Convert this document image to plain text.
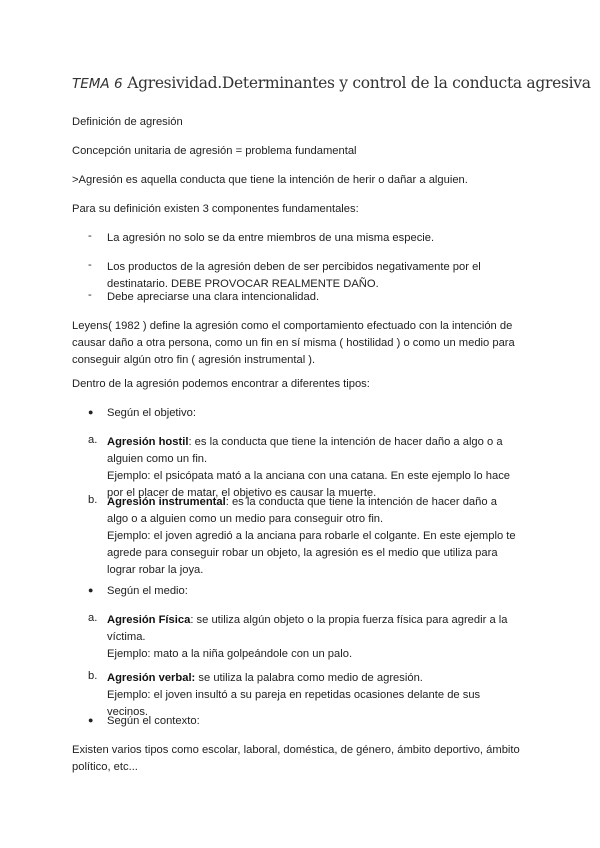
TEMA 6 Agresividad.Determinantes y control de la conducta agresiva
Definición de agresión
Concepción unitaria de agresión = problema fundamental
>Agresión es aquella conducta que tiene la intención de herir o dañar a alguien.
Para su definición existen 3 componentes fundamentales:
- La agresión no solo se da entre miembros de una misma especie.
- Los productos de la agresión deben de ser percibidos negativamente por el destinatario. DEBE PROVOCAR REALMENTE DAÑO.
- Debe apreciarse una clara intencionalidad.
Leyens( 1982 ) define la agresión como el comportamiento efectuado con la intención de causar daño a otra persona, como un fin en sí misma ( hostilidad ) o como un medio para conseguir algún otro fin ( agresión instrumental ).
Dentro de la agresión podemos encontrar a diferentes tipos:
● Según el objetivo:
a. Agresión hostil: es la conducta que tiene la intención de hacer daño a algo o a alguien como un fin.
Ejemplo: el psicópata mató a la anciana con una catana. En este ejemplo lo hace por el placer de matar, el objetivo es causar la muerte.
b. Agresión instrumental: es la conducta que tiene la intención de hacer daño a algo o a alguien como un medio para conseguir otro fin.
Ejemplo: el joven agredió a la anciana para robarle el colgante. En este ejemplo te agrede para conseguir robar un objeto, la agresión es el medio que utiliza para lograr robar la joya.
● Según el medio:
a. Agresión Física: se utiliza algún objeto o la propia fuerza física para agredir a la víctima.
Ejemplo: mato a la niña golpeándole con un palo.
b. Agresión verbal: se utiliza la palabra como medio de agresión.
Ejemplo: el joven insultó a su pareja en repetidas ocasiones delante de sus vecinos.
● Según el contexto:
Existen varios tipos como escolar, laboral, doméstica, de género, ámbito deportivo, ámbito político, etc...
